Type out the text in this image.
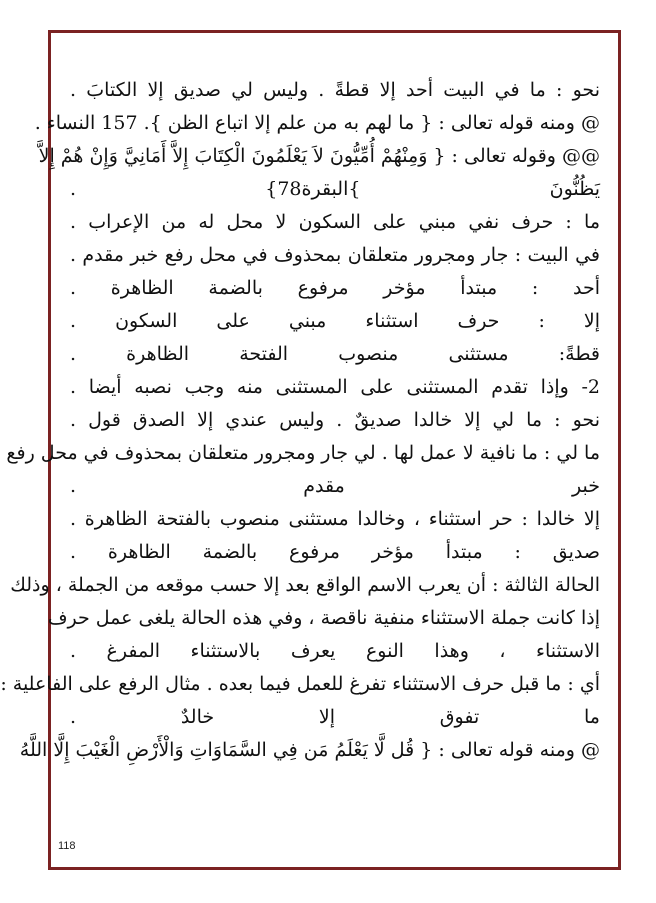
نحو : ما في البيت أحد إلا قطةً . وليس لي صديق إلا الكتابَ .
@ ومنه قوله تعالى : { ما لهم به من علم إلا اتباع الظن }. 157 النساء .
@@ وقوله تعالى : { وَمِنْهُمْ أُمِّيُّونَ لاَ يَعْلَمُونَ الْكِتَابَ إِلاَّ أَمَانِيَّ وَإِنْ هُمْ إِلاَّ
يَظُنُّونَ }البقرة78} .
ما : حرف نفي مبني على السكون لا محل له من الإعراب .
في البيت : جار ومجرور متعلقان بمحذوف في محل رفع خبر مقدم .
أحد : مبتدأ مؤخر مرفوع بالضمة الظاهرة .
إلا : حرف استثناء مبني على السكون .
قطةً: مستثنى منصوب الفتحة الظاهرة .
2- وإذا تقدم المستثنى على المستثنى منه وجب نصبه أيضا .
نحو : ما لي إلا خالدا صديقٌ . وليس عندي إلا الصدق قول .
ما لي : ما نافية لا عمل لها . لي جار ومجرور متعلقان بمحذوف في محل رفع
خبر مقدم .
إلا خالدا : حر استثناء ، وخالدا مستثنى منصوب بالفتحة الظاهرة .
صديق : مبتدأ مؤخر مرفوع بالضمة الظاهرة .
الحالة الثالثة : أن يعرب الاسم الواقع بعد إلا حسب موقعه من الجملة ، وذلك
إذا كانت جملة الاستثناء منفية ناقصة ، وفي هذه الحالة يلغى عمل حرف
الاستثناء ، وهذا النوع يعرف بالاستثناء المفرغ .
أي : ما قبل حرف الاستثناء تفرغ للعمل فيما بعده . مثال الرفع على الفاعلية :
ما تفوق إلا خالدٌ .
@ ومنه قوله تعالى : { قُل لَّا يَعْلَمُ مَن فِي السَّمَاوَاتِ وَالْأَرْضِ الْغَيْبَ إِلَّا اللَّهُ
118
